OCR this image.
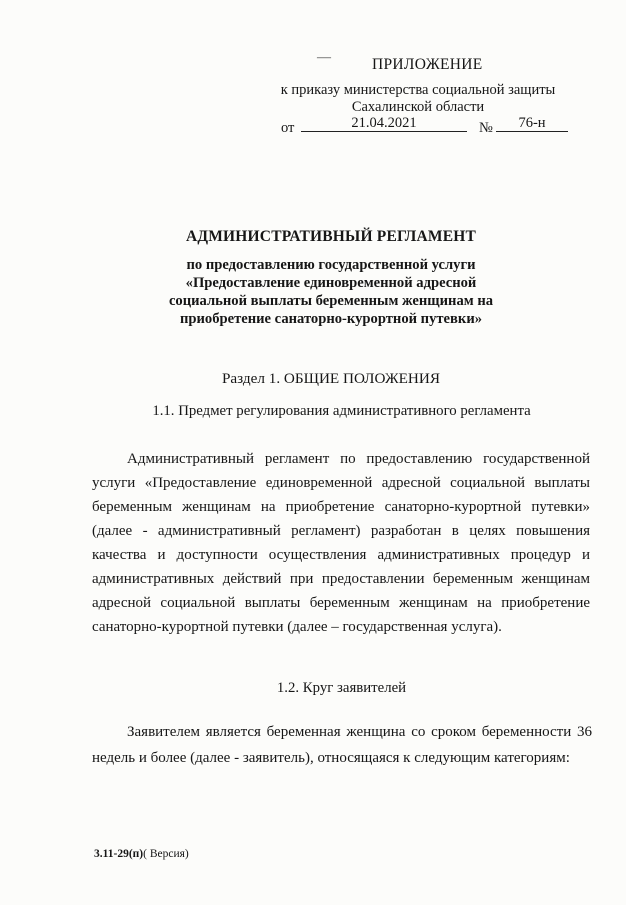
—	ПРИЛОЖЕНИЕ
к приказу министерства социальной защиты
Сахалинской области
от	21.04.2021	№	76-н
АДМИНИСТРАТИВНЫЙ РЕГЛАМЕНТ
по предоставлению государственной услуги
«Предоставление единовременной адресной
социальной выплаты беременным женщинам на
приобретение санаторно-курортной путевки»
Раздел 1. ОБЩИЕ ПОЛОЖЕНИЯ
1.1. Предмет регулирования административного регламента
Административный регламент по предоставлению государственной услуги «Предоставление единовременной адресной социальной выплаты беременным женщинам на приобретение санаторно-курортной путевки» (далее - административный регламент) разработан в целях повышения качества и доступности осуществления административных процедур и административных действий при предоставлении беременным женщинам адресной социальной выплаты беременным женщинам на приобретение санаторно-курортной путевки (далее – государственная услуга).
1.2. Круг заявителей
Заявителем является беременная женщина со сроком беременности 36 недель и более (далее - заявитель), относящаяся к следующим категориям:
3.11-29(п)( Версия)
